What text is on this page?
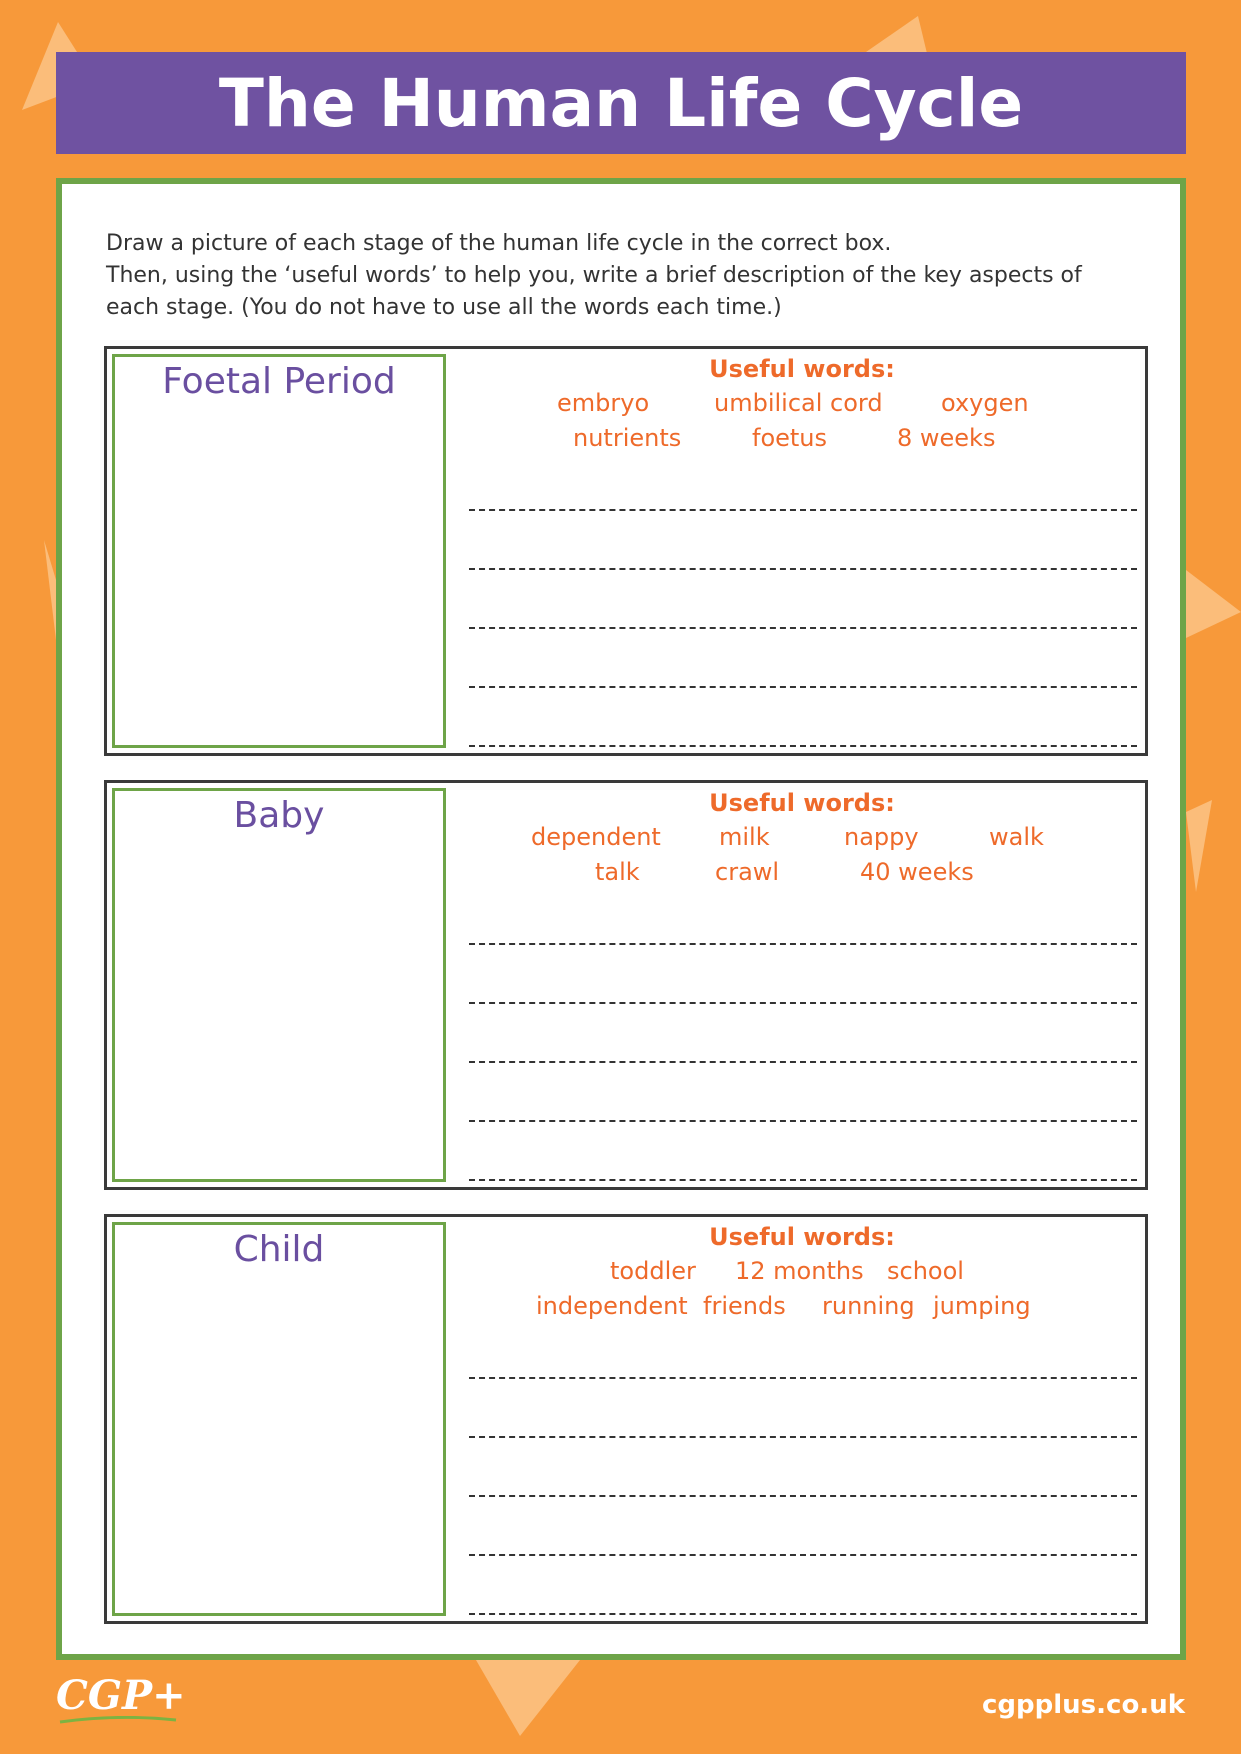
The Human Life Cycle
Draw a picture of each stage of the human life cycle in the correct box.
Then, using the ‘useful words’ to help you, write a brief description of the key aspects of
each stage. (You do not have to use all the words each time.)
Foetal Period	Useful words:
embryo	umbilical cord oxygen
nutrients	foetus	8 weeks
Baby	Useful words:
dependent milk	nappy	walk
talk	crawl	40 weeks
Child	Useful words:
toddler 12 months school
independent friends running jumping
CGP+	cgpplus.co.uk
